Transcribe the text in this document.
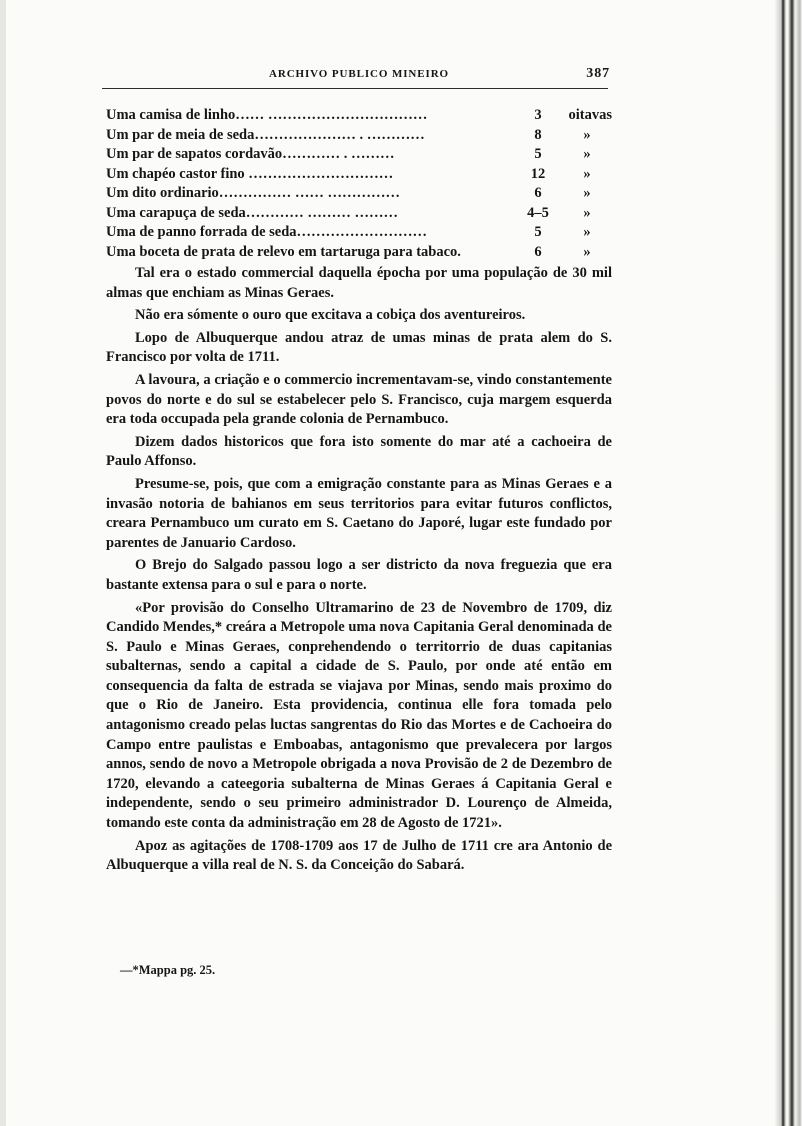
ARCHIVO PUBLICO MINEIRO	387
Uma camisa de linho…… ……………………………	3	oitavas
Um par de meia de seda………………… . …………	8	»
Um par de sapatos cordavão………… . ………	5	»
Um chapéo castor fino …………………………	12	»
Um dito ordinario…………… …… ……………	6	»
Uma carapuça de seda………… ……… ………	4–5	»
Uma de panno forrada de seda………………………	5	»
Uma boceta de prata de relevo em tartaruga para tabaco.	6	»

Tal era o estado commercial daquella épocha por uma população de 30 mil almas que enchiam as Minas Geraes.

Não era sómente o ouro que excitava a cobiça dos aventureiros.

Lopo de Albuquerque andou atraz de umas minas de prata alem do S. Francisco por volta de 1711.

A lavoura, a criação e o commercio incrementavam-se, vindo constantemente povos do norte e do sul se estabelecer pelo S. Francisco, cuja margem esquerda era toda occupada pela grande colonia de Pernambuco.

Dizem dados historicos que fora isto somente do mar até a cachoeira de Paulo Affonso.

Presume-se, pois, que com a emigração constante para as Minas Geraes e a invasão notoria de bahianos em seus territorios para evitar futuros conflictos, creara Pernambuco um curato em S. Caetano do Japoré, lugar este fundado por parentes de Januario Cardoso.

O Brejo do Salgado passou logo a ser districto da nova freguezia que era bastante extensa para o sul e para o norte.

«Por provisão do Conselho Ultramarino de 23 de Novembro de 1709, diz Candido Mendes,* creára a Metropole uma nova Capitania Geral denominada de S. Paulo e Minas Geraes, conprehendendo o territorrio de duas capitanias subalternas, sendo a capital a cidade de S. Paulo, por onde até então em consequencia da falta de estrada se viajava por Minas, sendo mais proximo do que o Rio de Janeiro. Esta providencia, continua elle fora tomada pelo antagonismo creado pelas luctas sangrentas do Rio das Mortes e de Cachoeira do Campo entre paulistas e Emboabas, antagonismo que prevalecera por largos annos, sendo de novo a Metropole obrigada a nova Provisão de 2 de Dezembro de 1720, elevando a cateegoria subalterna de Minas Geraes á Capitania Geral e independente, sendo o seu primeiro administrador D. Lourenço de Almeida, tomando este conta da administração em 28 de Agosto de 1721».

Apoz as agitações de 1708-1709 aos 17 de Julho de 1711 cre ara Antonio de Albuquerque a villa real de N. S. da Conceição do Sabará.

—*Mappa pg. 25.
